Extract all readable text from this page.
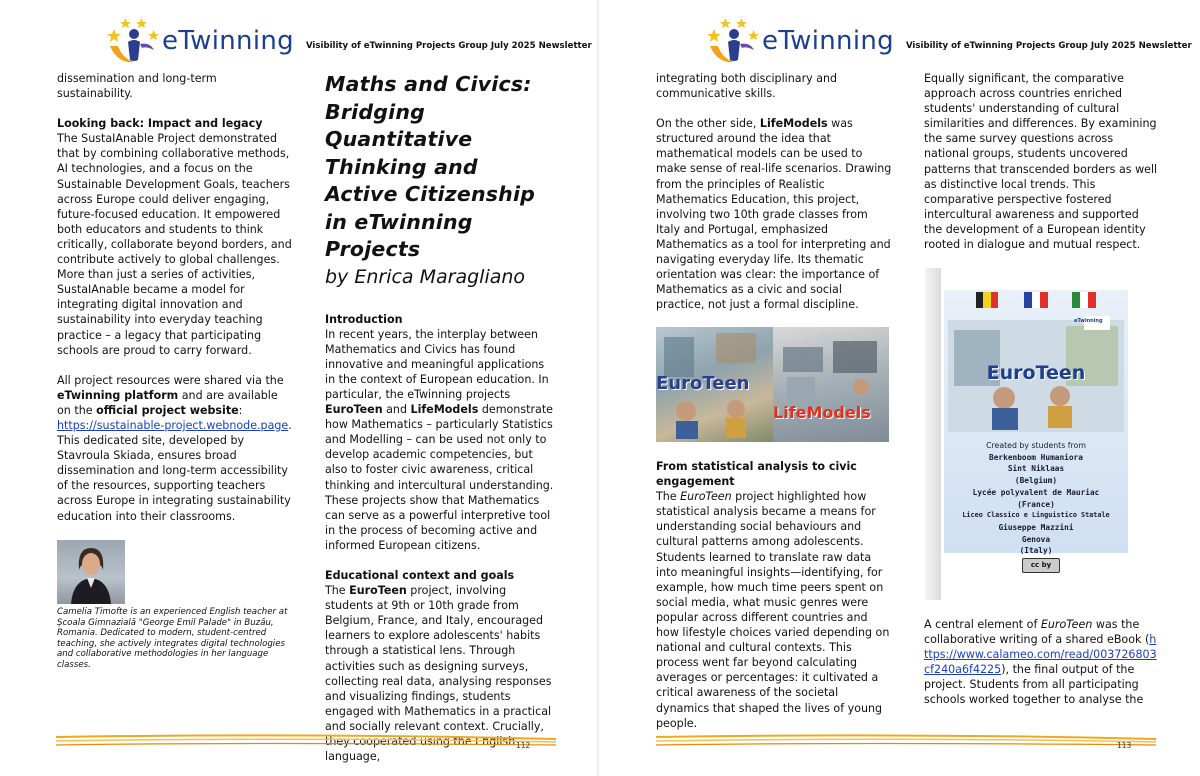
eTwinning Visibility of eTwinning Projects Group July 2025 Newsletter

dissemination and long-term sustainability.

Looking back: Impact and legacy

The SustaIAnable Project demonstrated that by combining collaborative methods, AI technologies, and a focus on the Sustainable Development Goals, teachers across Europe could deliver engaging, future-focused education. It empowered both educators and students to think critically, collaborate beyond borders, and contribute actively to global challenges. More than just a series of activities, SustaIAnable became a model for integrating digital innovation and sustainability into everyday teaching practice – a legacy that participating schools are proud to carry forward.

All project resources were shared via the eTwinning platform and are available on the official project website:
https://sustainable-project.webnode.page. This dedicated site, developed by Stavroula Skiada, ensures broad dissemination and long-term accessibility of the resources, supporting teachers across Europe in integrating sustainability education into their classrooms.

Camelia Timofte is an experienced English teacher at Școala Gimnazială "George Emil Palade" in Buzău, Romania. Dedicated to modern, student-centred teaching, she actively integrates digital technologies and collaborative methodologies in her language classes.
Maths and Civics: Bridging Quantitative Thinking and Active Citizenship in eTwinning Projects
by Enrica Maragliano

Introduction

In recent years, the interplay between Mathematics and Civics has found innovative and meaningful applications in the context of European education. In particular, the eTwinning projects EuroTeen and LifeModels demonstrate how Mathematics – particularly Statistics and Modelling – can be used not only to develop academic competencies, but also to foster civic awareness, critical thinking and intercultural understanding. These projects show that Mathematics can serve as a powerful interpretive tool in the process of becoming active and informed European citizens.

Educational context and goals

The EuroTeen project, involving students at 9th or 10th grade from Belgium, France, and Italy, encouraged learners to explore adolescents' habits through a statistical lens. Through activities such as designing surveys, collecting real data, analysing responses and visualizing findings, students engaged with Mathematics in a practical and socially relevant context. Crucially, they cooperated using the English language,

112
eTwinning Visibility of eTwinning Projects Group July 2025 Newsletter

integrating both disciplinary and communicative skills.

On the other side, LifeModels was structured around the idea that mathematical models can be used to make sense of real-life scenarios. Drawing from the principles of Realistic Mathematics Education, this project, involving two 10th grade classes from Italy and Portugal, emphasized Mathematics as a tool for interpreting and navigating everyday life. Its thematic orientation was clear: the importance of Mathematics as a civic and social practice, not just a formal discipline.

EuroTeen
LifeModels

From statistical analysis to civic engagement

The EuroTeen project highlighted how statistical analysis became a means for understanding social behaviours and cultural patterns among adolescents. Students learned to translate raw data into meaningful insights—identifying, for example, how much time peers spent on social media, what music genres were popular across different countries and how lifestyle choices varied depending on national and cultural contexts. This process went far beyond calculating averages or percentages: it cultivated a critical awareness of the societal dynamics that shaped the lives of young people.

Equally significant, the comparative approach across countries enriched students' understanding of cultural similarities and differences. By examining the same survey questions across national groups, students uncovered patterns that transcended borders as well as distinctive local trends. This comparative perspective fostered intercultural awareness and supported the development of a European identity rooted in dialogue and mutual respect.

eTwinning
EuroTeen
Created by students from
Berkenboom Humaniora
Sint Niklaas
(Belgium)
Lycée polyvalent de Mauriac
(France)
Liceo Classico e Linguistico Statale
Giuseppe Mazzini
Genova
(Italy)
cc by

A central element of EuroTeen was the collaborative writing of a shared eBook (https://www.calameo.com/read/003726803cf240a6f4225), the final output of the project. Students from all participating schools worked together to analyse the

113
